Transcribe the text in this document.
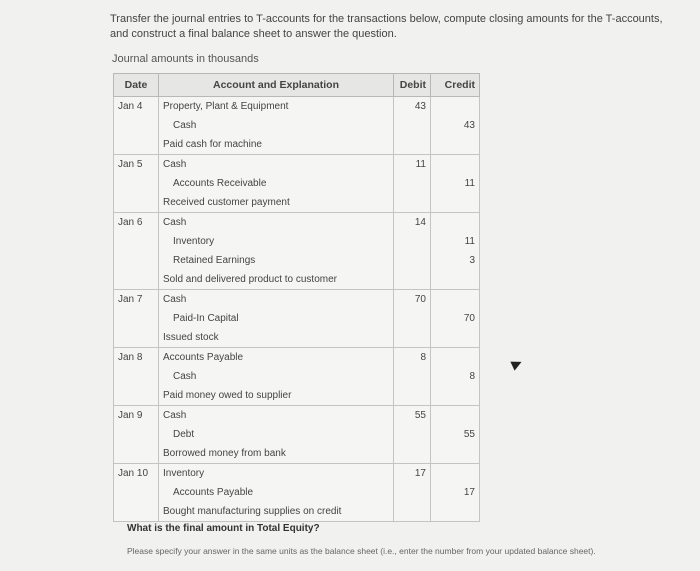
Transfer the journal entries to T-accounts for the transactions below, compute closing amounts for the T-accounts, and construct a final balance sheet to answer the question.
Journal amounts in thousands
Date	Account and Explanation	Debit	Credit
Jan 4	Property, Plant & Equipment	43	
	Cash		43
	Paid cash for machine		
Jan 5	Cash	11	
	Accounts Receivable		11
	Received customer payment		
Jan 6	Cash	14	
	Inventory		11
	Retained Earnings		3
	Sold and delivered product to customer		
Jan 7	Cash	70	
	Paid-In Capital		70
	Issued stock		
Jan 8	Accounts Payable	8	
	Cash		8
	Paid money owed to supplier		
Jan 9	Cash	55	
	Debt		55
	Borrowed money from bank		
Jan 10	Inventory	17	
	Accounts Payable		17
	Bought manufacturing supplies on credit		
What is the final amount in Total Equity?
Please specify your answer in the same units as the balance sheet (i.e., enter the number from your updated balance sheet).
